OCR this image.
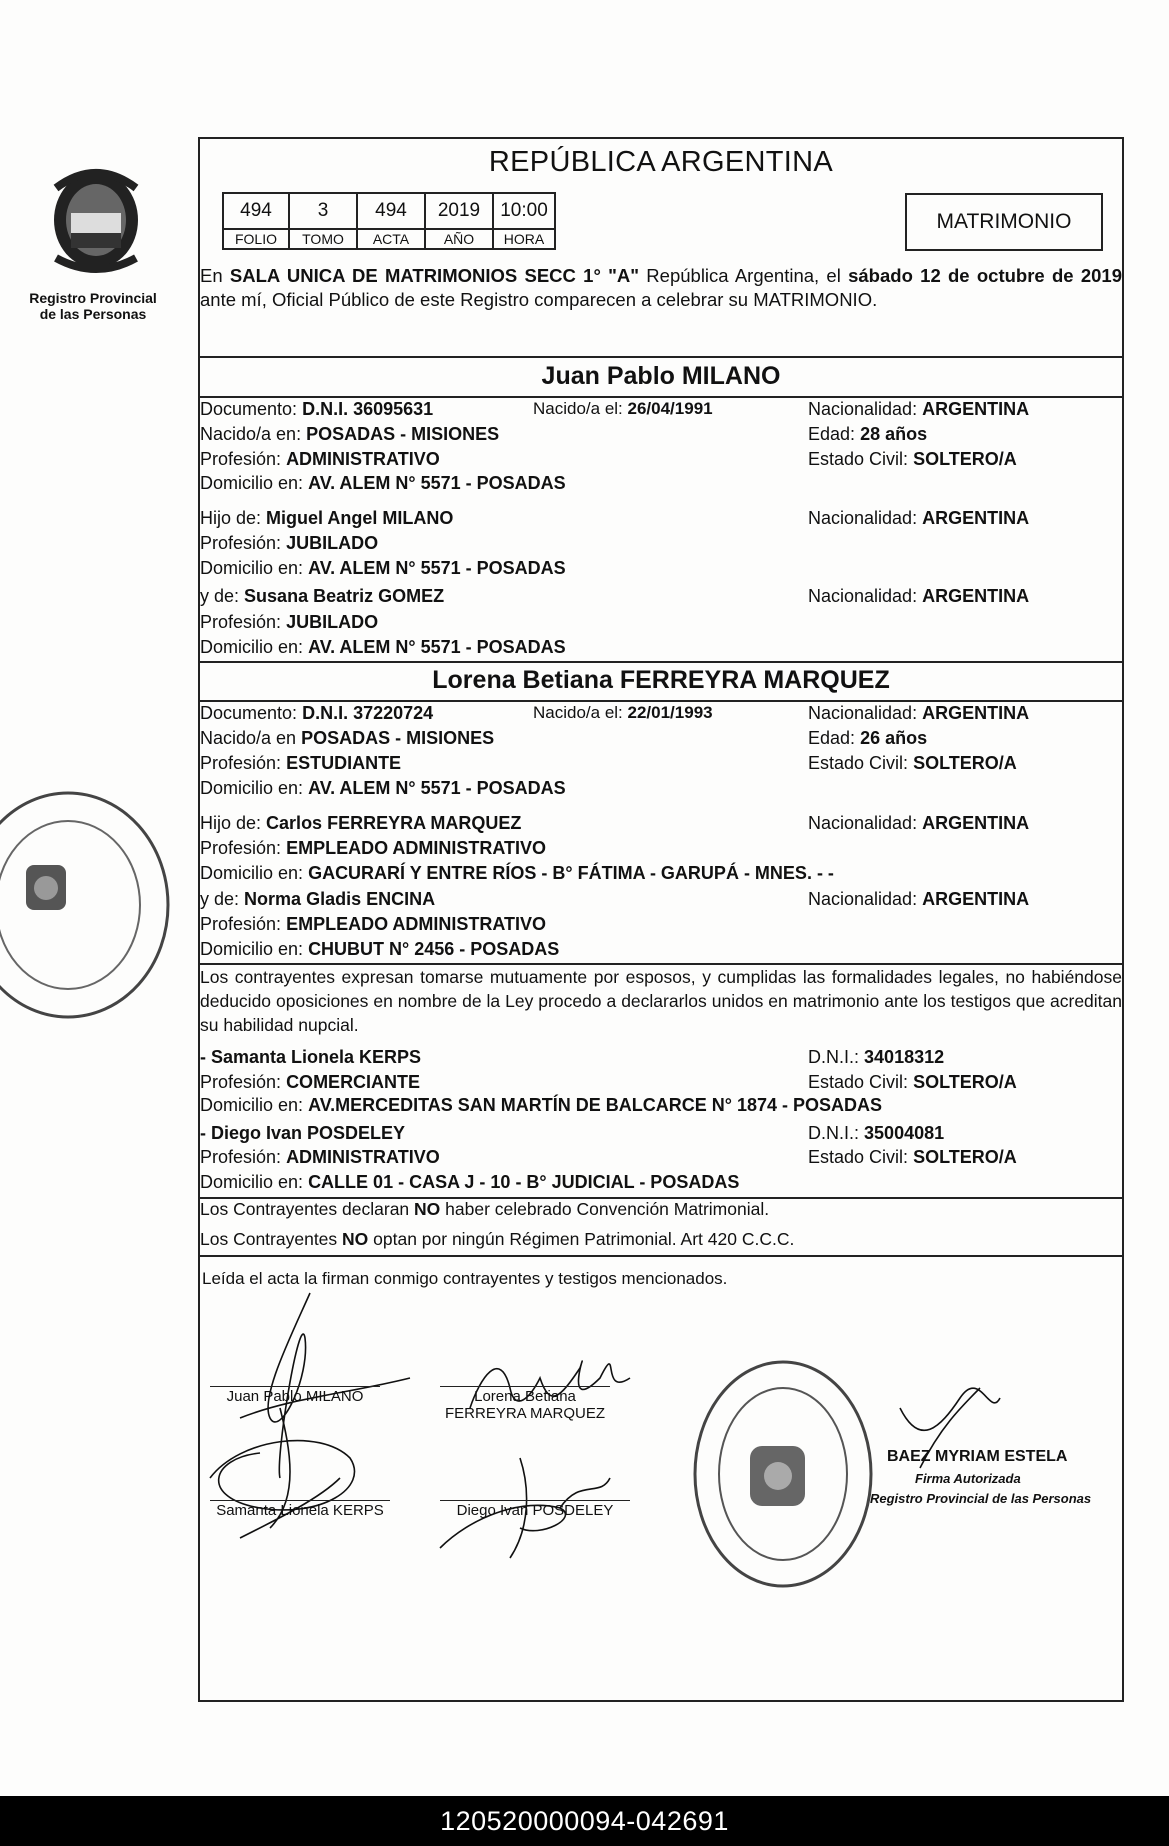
Registro Provincial
de las Personas
REPÚBLICA ARGENTINA
494	3	494	2019	10:00
FOLIO	TOMO	ACTA	AÑO	HORA
MATRIMONIO
En SALA UNICA DE MATRIMONIOS SECC 1° "A" República Argentina, el sábado 12 de octubre de 2019 ante mí, Oficial Público de este Registro comparecen a celebrar su MATRIMONIO.
Juan Pablo MILANO
Documento: D.N.I. 36095631	Nacido/a el: 26/04/1991	Nacionalidad: ARGENTINA
Nacido/a en: POSADAS - MISIONES	Edad: 28 años
Profesión: ADMINISTRATIVO	Estado Civil: SOLTERO/A
Domicilio en: AV. ALEM N° 5571 - POSADAS
Hijo de: Miguel Angel MILANO	Nacionalidad: ARGENTINA
Profesión: JUBILADO
Domicilio en: AV. ALEM N° 5571 - POSADAS
y de: Susana Beatriz GOMEZ	Nacionalidad: ARGENTINA
Profesión: JUBILADO
Domicilio en: AV. ALEM N° 5571 - POSADAS
Lorena Betiana FERREYRA MARQUEZ
Documento: D.N.I. 37220724	Nacido/a el: 22/01/1993	Nacionalidad: ARGENTINA
Nacido/a en POSADAS - MISIONES	Edad: 26 años
Profesión: ESTUDIANTE	Estado Civil: SOLTERO/A
Domicilio en: AV. ALEM N° 5571 - POSADAS
Hijo de: Carlos FERREYRA MARQUEZ	Nacionalidad: ARGENTINA
Profesión: EMPLEADO ADMINISTRATIVO
Domicilio en: GACURARÍ Y ENTRE RÍOS - B° FÁTIMA - GARUPÁ - MNES. - -
y de: Norma Gladis ENCINA	Nacionalidad: ARGENTINA
Profesión: EMPLEADO ADMINISTRATIVO
Domicilio en: CHUBUT N° 2456 - POSADAS
Los contrayentes expresan tomarse mutuamente por esposos, y cumplidas las formalidades legales, no habiéndose deducido oposiciones en nombre de la Ley procedo a declararlos unidos en matrimonio ante los testigos que acreditan su habilidad nupcial.
- Samanta Lionela KERPS	D.N.I.: 34018312
Profesión: COMERCIANTE	Estado Civil: SOLTERO/A
Domicilio en: AV.MERCEDITAS SAN MARTÍN DE BALCARCE N° 1874 - POSADAS
- Diego Ivan POSDELEY	D.N.I.: 35004081
Profesión: ADMINISTRATIVO	Estado Civil: SOLTERO/A
Domicilio en: CALLE 01 - CASA J - 10 - B° JUDICIAL - POSADAS
Los Contrayentes declaran NO haber celebrado Convención Matrimonial.
Los Contrayentes NO optan por ningún Régimen Patrimonial. Art 420 C.C.C.
Leída el acta la firman conmigo contrayentes y testigos mencionados.
Juan Pablo MILANO	Lorena Betiana
FERREYRA MARQUEZ
Samanta Lionela KERPS	Diego Ivan POSDELEY
BAEZ MYRIAM ESTELA
Firma Autorizada
Registro Provincial de las Personas
120520000094-042691
